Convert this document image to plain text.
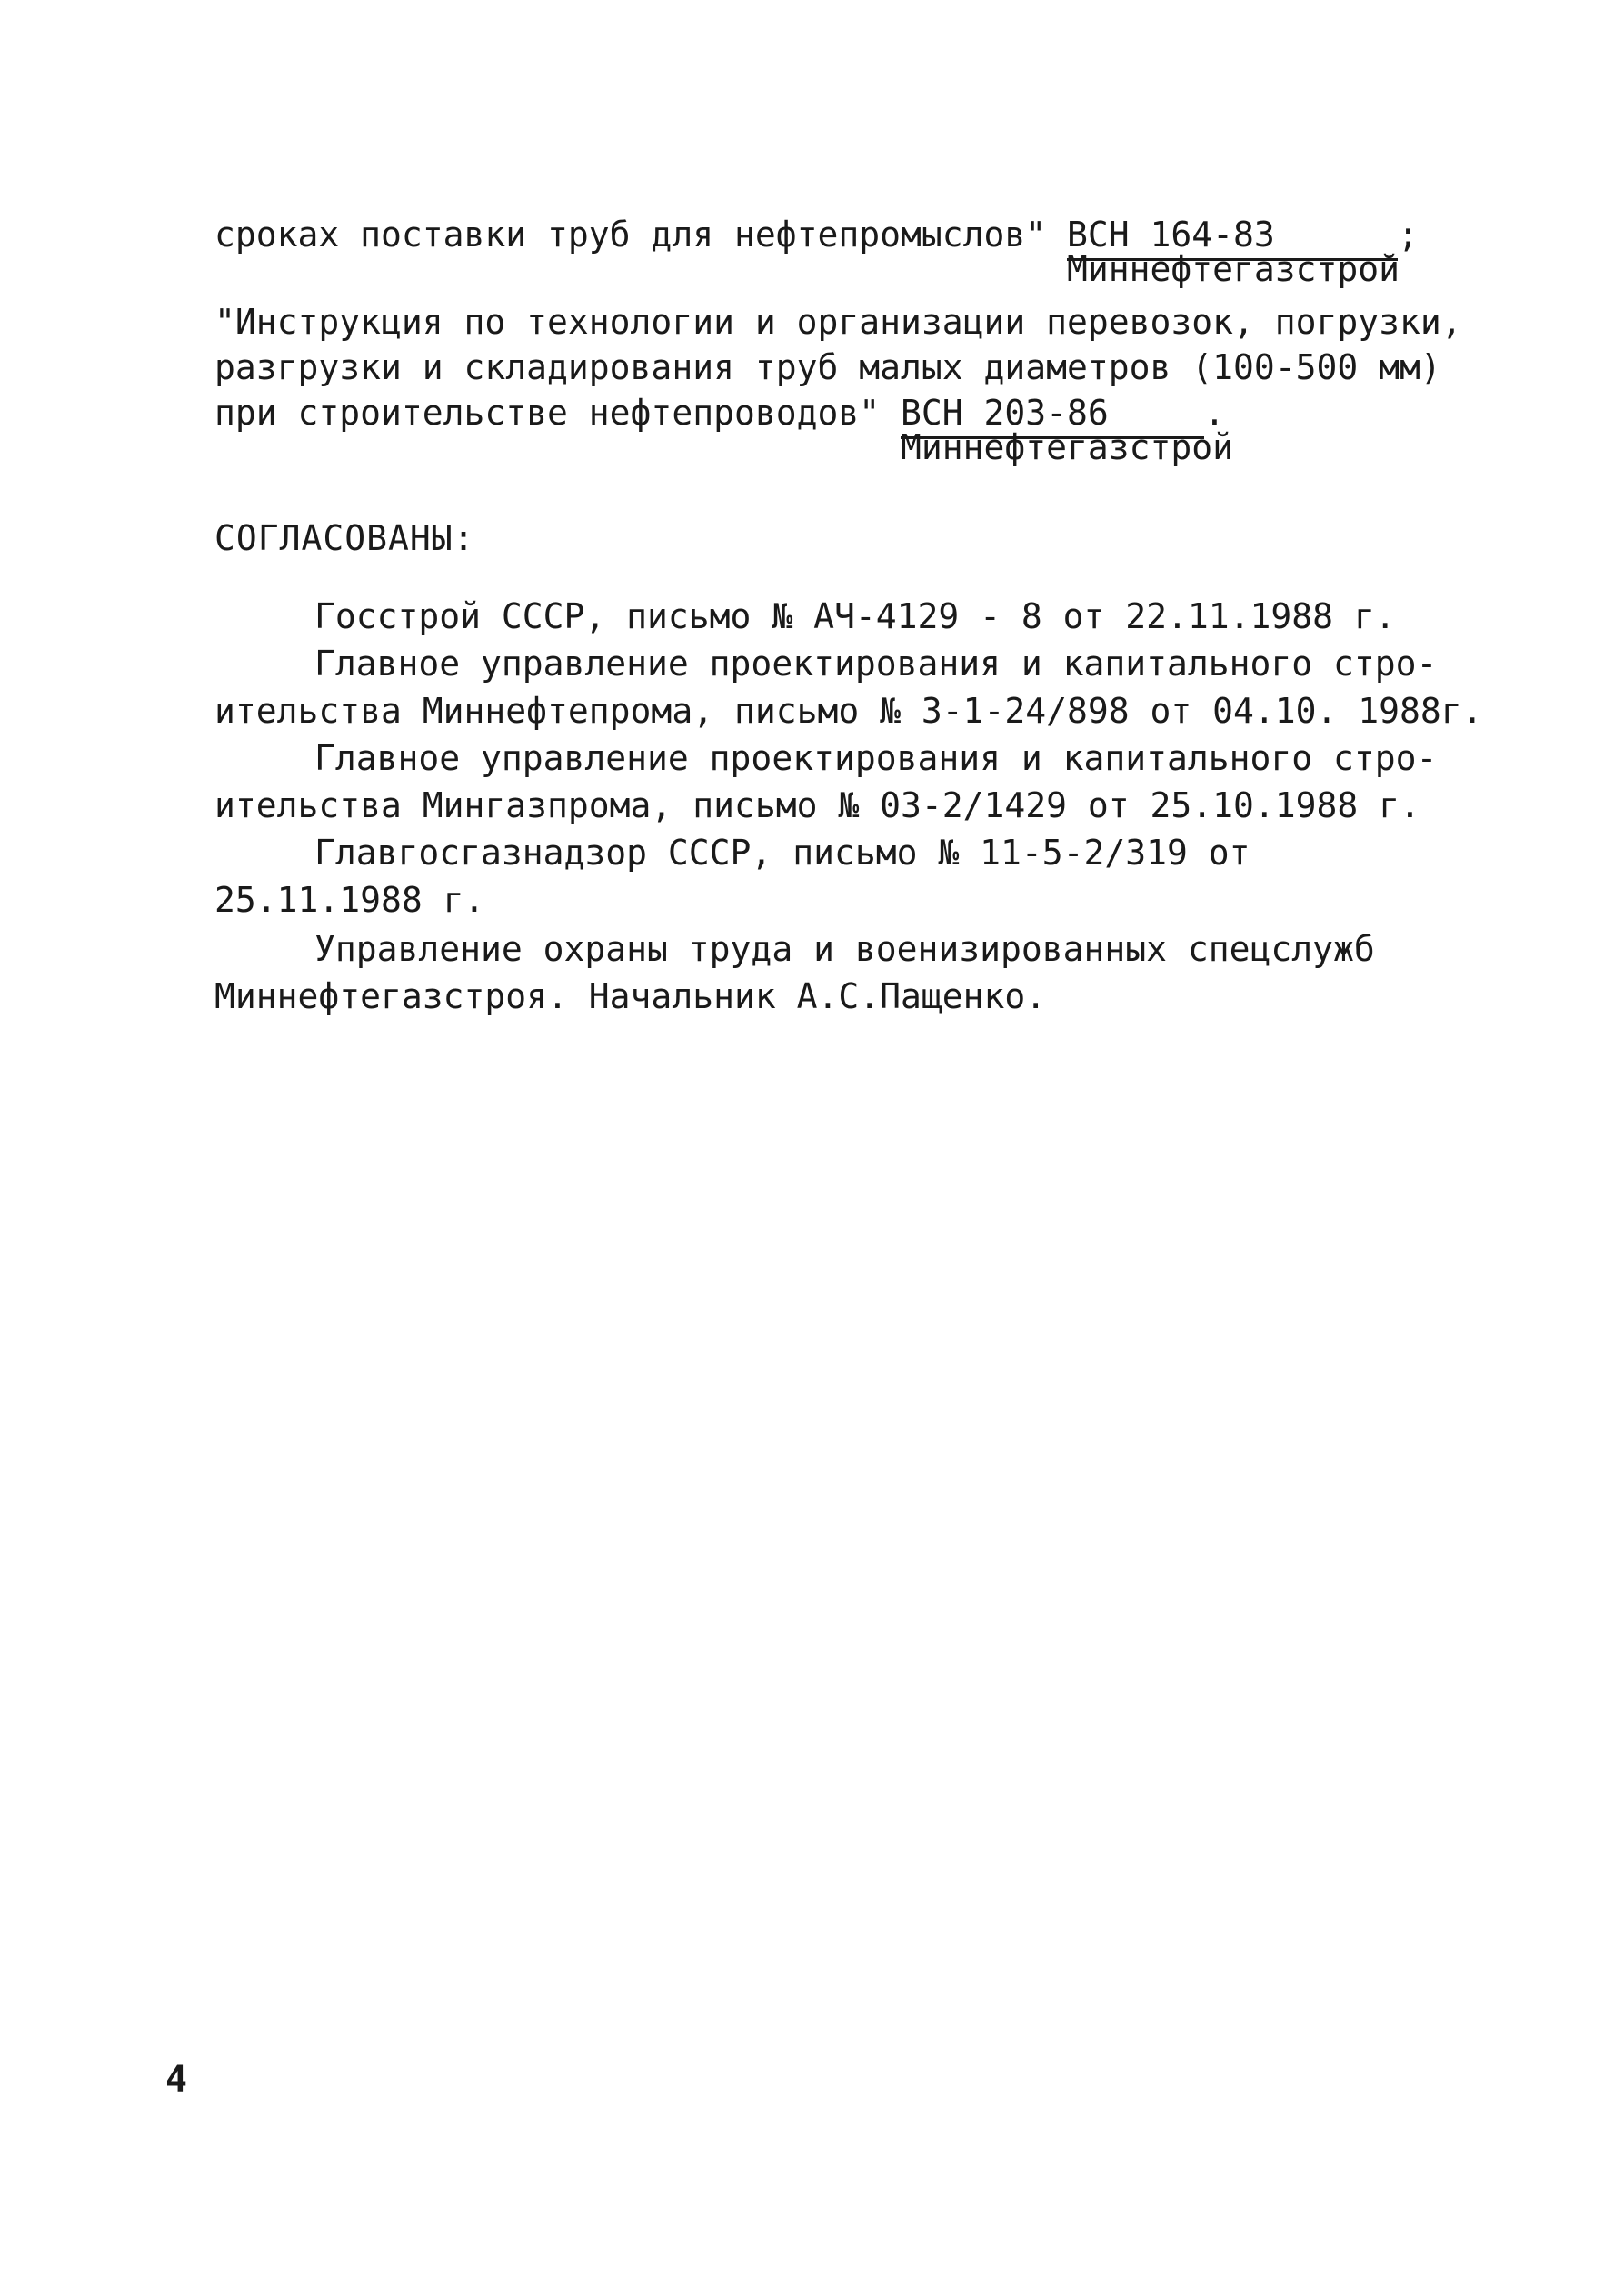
сроках поставки труб для нефтепромыслов" ВСН 164-83
Миннефтегазстрой
;
"Инструкция по технологии и организации перевозок, погрузки,
разгрузки и складирования труб малых диаметров (100-500 мм)
при строительстве нефтепроводов" ВСН 203-86
Миннефтегазстрой
.
СОГЛАСОВАНЫ:
Госстрой СССР, письмо № АЧ-4129 - 8 от 22.11.1988 г.
Главное управление проектирования и капитального стро-
ительства Миннефтепрома, письмо № 3-1-24/898 от 04.10. 1988г.
Главное управление проектирования и капитального стро-
ительства Мингазпрома, письмо № 03-2/1429 от 25.10.1988 г.
Главгосгазнадзор СССР, письмо № 11-5-2/319 от
25.11.1988 г.
Управление охраны труда и военизированных спецслужб
Миннефтегазстроя. Начальник А.С.Пащенко.
4
